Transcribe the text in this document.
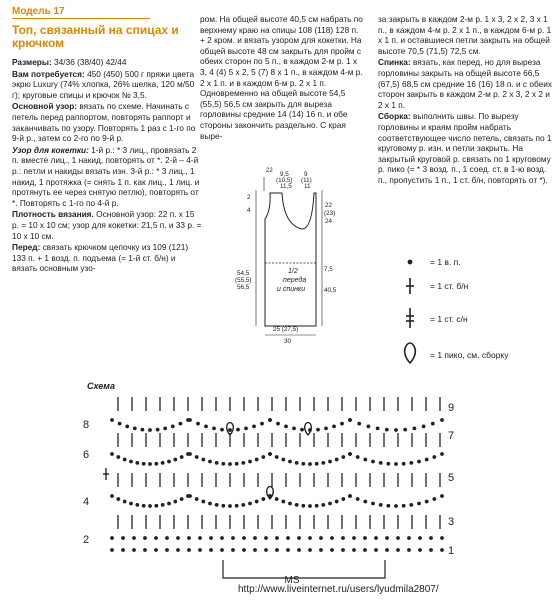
Модель 17
Топ, связанный на спицах и крючком

Размеры: 34/36 (38/40) 42/44

Вам потребуется: 450 (450) 500 г пряжи цвета экрю Luxury (74% хлопка, 26% шелка, 120 м/50 г); круговые спицы и крючок № 3,5.

Основной узор: вязать по схеме. Начинать с петель перед раппортом, повторять раппорт и заканчивать по узору. Повторять 1 раз с 1-го по 9-й р., затем со 2-го по 9-й р.

Узор для кокетки: 1-й р.: * 3 лиц., провязать 2 п. вместе лиц., 1 накид, повторять от *. 2-й – 4-й р.: петли и накиды вязать изн. 3-й р.: * 3 лиц., 1 накид, 1 протяжка (= снять 1 п. как лиц., 1 лиц. и протянуть ее через снятую петлю), повторять от *. Повторять с 1-го по 4-й р.

Плотность вязания. Основной узор: 22 п. х 15 р. = 10 х 10 см; узор для кокетки: 21,5 п. и 33 р. = 10 х 10 см.

Перед: связать крючком цепочку из 109 (121) 133 п. + 1 возд. п. подъема (= 1-й ст. б/н) и вязать основным узо-

ром. На общей высоте 40,5 см набрать по верхнему краю на спицы 108 (118) 128 п. + 2 кром. и вязать узором для кокетки. На общей высоте 48 см закрыть для пройм с обеих сторон по 5 п., в каждом 2-м р. 1 х 3, 4 (4) 5 х 2, 5 (7) 8 х 1 п., в каждом 4-м р. 2 х 1 п. и в каждом 6-м р. 2 х 1 п. Одновременно на общей высоте 54,5 (55,5) 56,5 см закрыть для выреза горловины средние 14 (14) 16 п. и обе стороны закончить раздельно. С края выре-

за закрыть в каждом 2-м р. 1 х 3, 2 х 2, 3 х 1 п., в каждом 4-м р. 2 х 1 п., в каждом 6-м р. 1 х 1 п. и оставшиеся петли закрыть на общей высоте 70,5 (71,5) 72,5 см.

Спинка: вязать, как перед, но для выреза горловины закрыть на общей высоте 66,5 (67,5) 68,5 см средние 16 (16) 18 п. и с обеих сторон закрыть в каждом 2-м р. 2 х 3, 2 х 2 и 2 х 1 п.

Сборка: выполнить швы. По вырезу горловины и краям пройм набрать соответствующее число петель, связать по 1 круговому р. изн. и петли закрыть. На закрытый круговой р. связать по 1 круговому р. пико (= * 3 возд. п., 1 соед. ст. в 1-ю возд. п., пропустить 1 п., 1 ст. б/н, повторять от *).

22 9,5
(10,5)
11,5
9
(11)
11
2
4
22
(23)
24
54,5
(55,5)
56,5
7,5
40,5
1/2
переда
и спинки
25 (27,5)
30
= 1 в. п.
= 1 ст. б/н
= 1 ст. с/н
= 1 пико, см. сборку
Схема
MS
8
6
4
2
9
7
5
3
1
http://www.liveinternet.ru/users/lyudmila2807/
